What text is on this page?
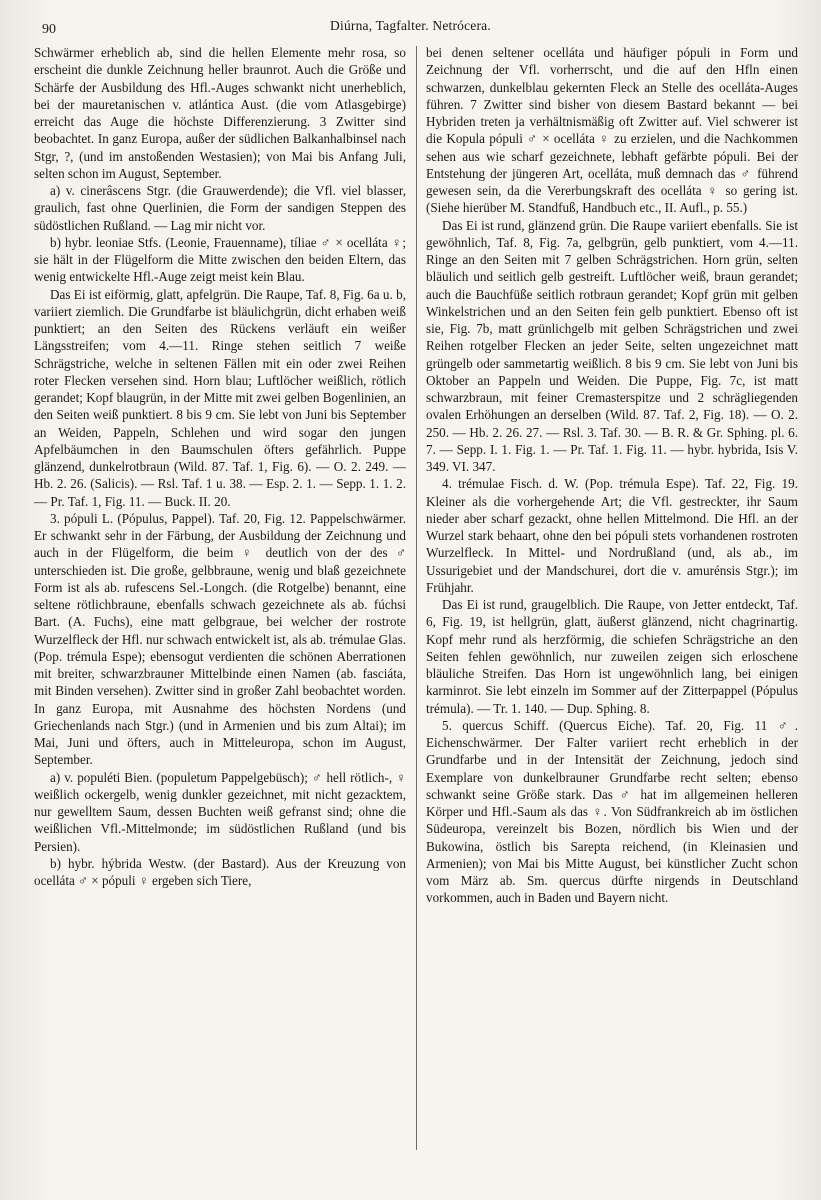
90	Diúrna, Tagfalter. Netrócera.

Schwärmer erheblich ab, sind die hellen Elemente mehr rosa, so erscheint die dunkle Zeichnung heller braunrot. Auch die Größe und Schärfe der Ausbildung des Hfl.-Auges schwankt nicht unerheblich, bei der mauretanischen v. atlántica Aust. (die vom Atlasgebirge) erreicht das Auge die höchste Differenzierung. 3 Zwitter sind beobachtet. In ganz Europa, außer der südlichen Balkanhalbinsel nach Stgr, ?, (und im anstoßenden Westasien); von Mai bis Anfang Juli, selten schon im August, September.

a) v. cinerâscens Stgr. (die Grauwerdende); die Vfl. viel blasser, graulich, fast ohne Querlinien, die Form der sandigen Steppen des südöstlichen Rußland. — Lag mir nicht vor.

b) hybr. leoniae Stfs. (Leonie, Frauenname), tíliae ♂ × ocelláta ♀; sie hält in der Flügelform die Mitte zwischen den beiden Eltern, das wenig entwickelte Hfl.-Auge zeigt meist kein Blau.

Das Ei ist eiförmig, glatt, apfelgrün. Die Raupe, Taf. 8, Fig. 6a u. b, variiert ziemlich. Die Grundfarbe ist bläulichgrün, dicht erhaben weiß punktiert; an den Seiten des Rückens verläuft ein weißer Längsstreifen; vom 4.—11. Ringe stehen seitlich 7 weiße Schrägstriche, welche in seltenen Fällen mit ein oder zwei Reihen roter Flecken versehen sind. Horn blau; Luftlöcher weißlich, rötlich gerandet; Kopf blaugrün, in der Mitte mit zwei gelben Bogenlinien, an den Seiten weiß punktiert. 8 bis 9 cm. Sie lebt von Juni bis September an Weiden, Pappeln, Schlehen und wird sogar den jungen Apfelbäumchen in den Baumschulen öfters gefährlich. Puppe glänzend, dunkelrotbraun (Wild. 87. Taf. 1, Fig. 6). — O. 2. 249. — Hb. 2. 26. (Salicis). — Rsl. Taf. 1 u. 38. — Esp. 2. 1. — Sepp. 1. 1. 2. — Pr. Taf. 1, Fig. 11. — Buck. II. 20.

3. pópuli L. (Pópulus, Pappel). Taf. 20, Fig. 12. Pappelschwärmer. Er schwankt sehr in der Färbung, der Ausbildung der Zeichnung und auch in der Flügelform, die beim ♀ deutlich von der des ♂ unterschieden ist. Die große, gelbbraune, wenig und blaß gezeichnete Form ist als ab. rufescens Sel.-Longch. (die Rotgelbe) benannt, eine seltene rötlichbraune, ebenfalls schwach gezeichnete als ab. fúchsi Bart. (A. Fuchs), eine matt gelbgraue, bei welcher der rostrote Wurzelfleck der Hfl. nur schwach entwickelt ist, als ab. trémulae Glas. (Pop. trémula Espe); ebensogut verdienten die schönen Aberrationen mit breiter, schwarzbrauner Mittelbinde einen Namen (ab. fasciáta, mit Binden versehen). Zwitter sind in großer Zahl beobachtet worden. In ganz Europa, mit Ausnahme des höchsten Nordens (und Griechenlands nach Stgr.) (und in Armenien und bis zum Altai); im Mai, Juni und öfters, auch in Mitteleuropa, schon im August, September.

a) v. populéti Bien. (populetum Pappelgebüsch); ♂ hell rötlich-, ♀ weißlich ockergelb, wenig dunkler gezeichnet, mit nicht gezacktem, nur gewelltem Saum, dessen Buchten weiß gefranst sind; ohne die weißlichen Vfl.-Mittelmonde; im südöstlichen Rußland (und bis Persien).

b) hybr. hýbrida Westw. (der Bastard). Aus der Kreuzung von ocelláta ♂ × pópuli ♀ ergeben sich Tiere,

bei denen seltener ocelláta und häufiger pópuli in Form und Zeichnung der Vfl. vorherrscht, und die auf den Hfln einen schwarzen, dunkelblau gekernten Fleck an Stelle des ocelláta-Auges führen. 7 Zwitter sind bisher von diesem Bastard bekannt — bei Hybriden treten ja verhältnismäßig oft Zwitter auf. Viel schwerer ist die Kopula pópuli ♂ × ocelláta ♀ zu erzielen, und die Nachkommen sehen aus wie scharf gezeichnete, lebhaft gefärbte pópuli. Bei der Entstehung der jüngeren Art, ocelláta, muß demnach das ♂ führend gewesen sein, da die Vererbungskraft des ocelláta ♀ so gering ist. (Siehe hierüber M. Standfuß, Handbuch etc., II. Aufl., p. 55.)

Das Ei ist rund, glänzend grün. Die Raupe variiert ebenfalls. Sie ist gewöhnlich, Taf. 8, Fig. 7a, gelbgrün, gelb punktiert, vom 4.—11. Ringe an den Seiten mit 7 gelben Schrägstrichen. Horn grün, selten bläulich und seitlich gelb gestreift. Luftlöcher weiß, braun gerandet; auch die Bauchfüße seitlich rotbraun gerandet; Kopf grün mit gelben Winkelstrichen und an den Seiten fein gelb punktiert. Ebenso oft ist sie, Fig. 7b, matt grünlichgelb mit gelben Schrägstrichen und zwei Reihen rotgelber Flecken an jeder Seite, selten ungezeichnet matt grüngelb oder sammetartig weißlich. 8 bis 9 cm. Sie lebt von Juni bis Oktober an Pappeln und Weiden. Die Puppe, Fig. 7c, ist matt schwarzbraun, mit feiner Cremasterspitze und 2 schrägliegenden ovalen Erhöhungen an derselben (Wild. 87. Taf. 2, Fig. 18). — O. 2. 250. — Hb. 2. 26. 27. — Rsl. 3. Taf. 30. — B. R. & Gr. Sphing. pl. 6. 7. — Sepp. I. 1. Fig. 1. — Pr. Taf. 1. Fig. 11. — hybr. hybrida, Isis V. 349. VI. 347.

4. trémulae Fisch. d. W. (Pop. trémula Espe). Taf. 22, Fig. 19. Kleiner als die vorhergehende Art; die Vfl. gestreckter, ihr Saum nieder aber scharf gezackt, ohne hellen Mittelmond. Die Hfl. an der Wurzel stark behaart, ohne den bei pópuli stets vorhandenen rostroten Wurzelfleck. In Mittel- und Nordrußland (und, als ab., im Ussurigebiet und der Mandschurei, dort die v. amurénsis Stgr.); im Frühjahr.

Das Ei ist rund, graugelblich. Die Raupe, von Jetter entdeckt, Taf. 6, Fig. 19, ist hellgrün, glatt, äußerst glänzend, nicht chagrinartig. Kopf mehr rund als herzförmig, die schiefen Schrägstriche an den Seiten fehlen gewöhnlich, nur zuweilen zeigen sich erloschene bläuliche Streifen. Das Horn ist ungewöhnlich lang, bei einigen karminrot. Sie lebt einzeln im Sommer auf der Zitterpappel (Pópulus trémula). — Tr. 1. 140. — Dup. Sphing. 8.

5. quercus Schiff. (Quercus Eiche). Taf. 20, Fig. 11 ♂. Eichenschwärmer. Der Falter variiert recht erheblich in der Grundfarbe und in der Intensität der Zeichnung, jedoch sind Exemplare von dunkelbrauner Grundfarbe recht selten; ebenso schwankt seine Größe stark. Das ♂ hat im allgemeinen helleren Körper und Hfl.-Saum als das ♀. Von Südfrankreich ab im östlichen Südeuropa, vereinzelt bis Bozen, nördlich bis Wien und der Bukowina, östlich bis Sarepta reichend, (in Kleinasien und Armenien); von Mai bis Mitte August, bei künstlicher Zucht schon vom März ab. Sm. quercus dürfte nirgends in Deutschland vorkommen, auch in Baden und Bayern nicht.
